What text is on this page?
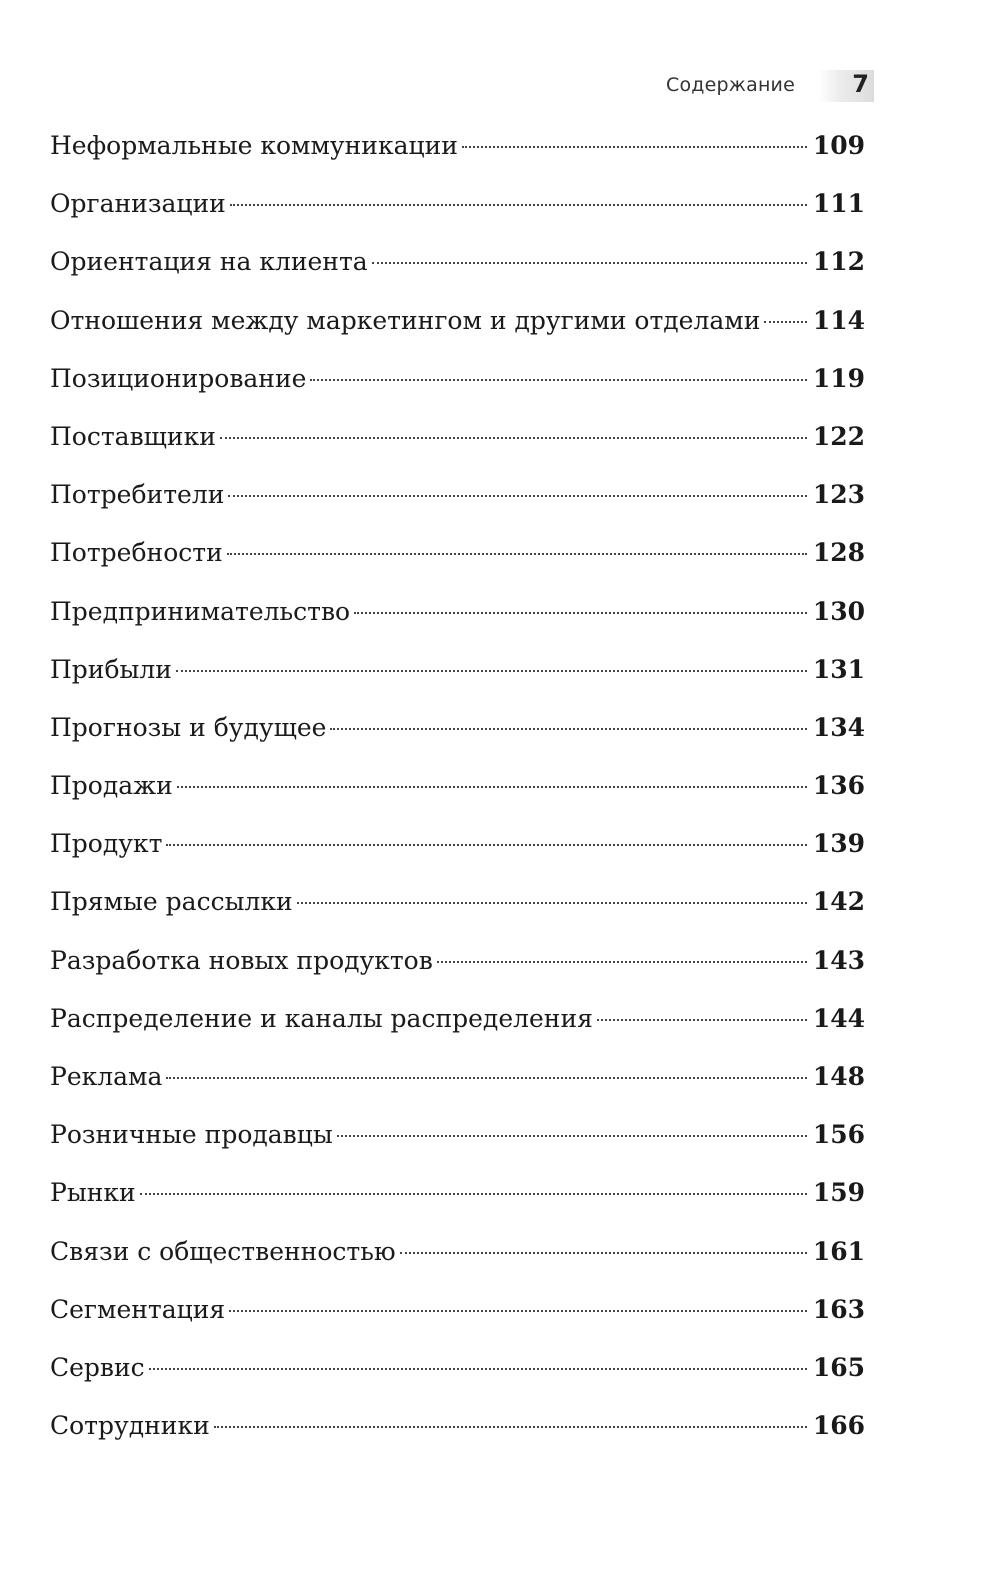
Содержание 7
Неформальные коммуникации	109
Организации	111
Ориентация на клиента	112
Отношения между маркетингом и другими отделами 114
Позиционирование	119
Поставщики	122
Потребители	123
Потребности	128
Предпринимательство	130
Прибыли	131
Прогнозы и будущее	134
Продажи	136
Продукт	139
Прямые рассылки	142
Разработка новых продуктов	143
Распределение и каналы распределения	144
Реклама	148
Розничные продавцы	156
Рынки	159
Связи с общественностью	161
Сегментация	163
Сервис	165
Сотрудники	166
